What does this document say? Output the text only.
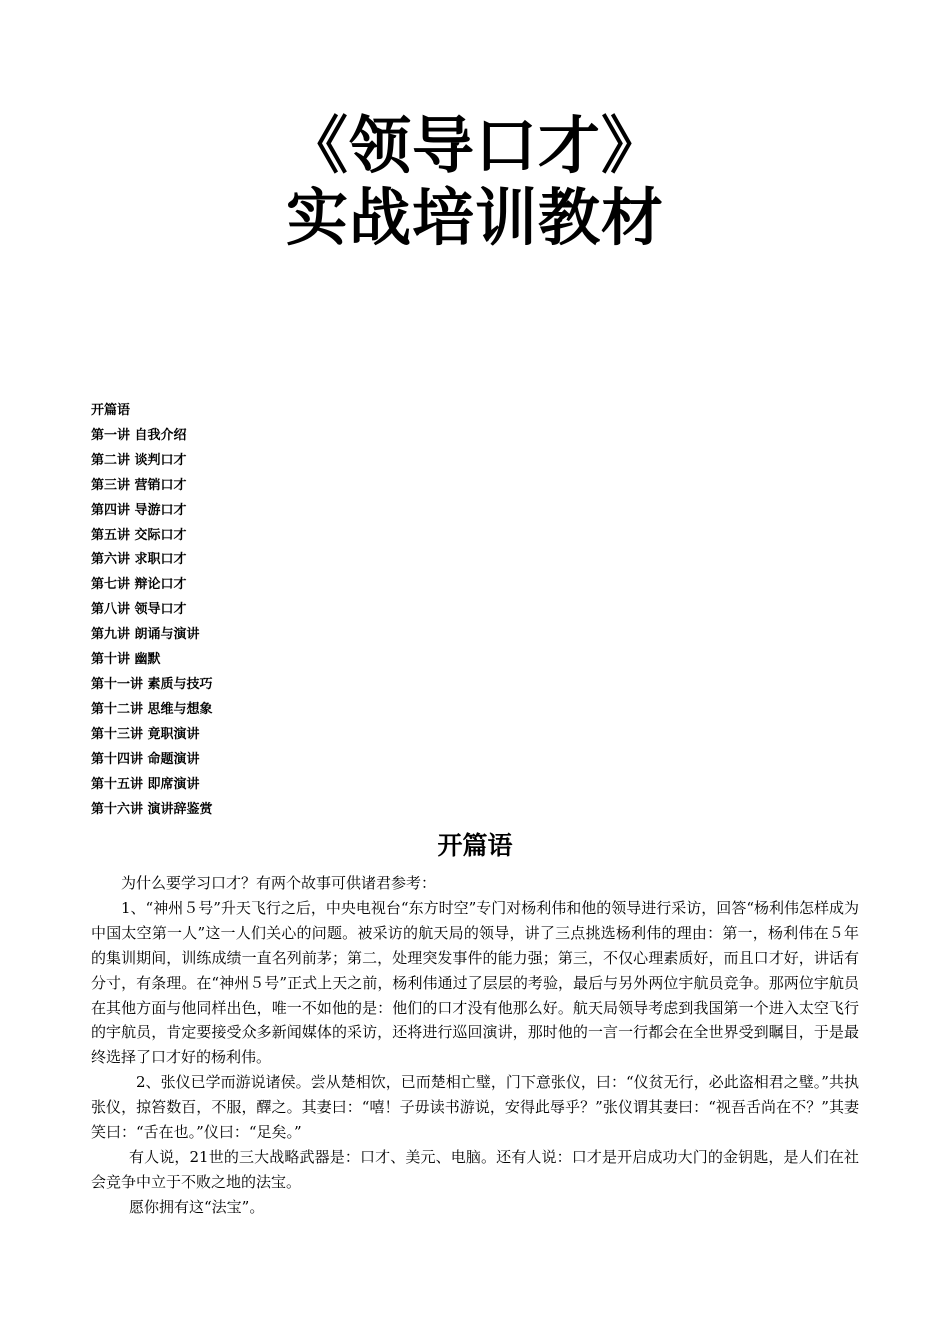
《领导口才》
实战培训教材
开篇语
第一讲 自我介绍
第二讲 谈判口才
第三讲 营销口才
第四讲 导游口才
第五讲 交际口才
第六讲 求职口才
第七讲 辩论口才
第八讲 领导口才
第九讲 朗诵与演讲
第十讲 幽默
第十一讲 素质与技巧
第十二讲 思维与想象
第十三讲 竟职演讲
第十四讲 命题演讲
第十五讲 即席演讲
第十六讲 演讲辞鉴赏
开篇语

为什么要学习口才？有两个故事可供诸君参考：

1、“神州５号”升天飞行之后，中央电视台“东方时空”专门对杨利伟和他的领导进行采访，回答“杨利伟怎样成为中国太空第一人”这一人们关心的问题。被采访的航天局的领导，讲了三点挑选杨利伟的理由：第一，杨利伟在５年的集训期间，训练成绩一直名列前茅；第二，处理突发事件的能力强；第三，不仅心理素质好，而且口才好，讲话有分寸，有条理。在“神州５号”正式上天之前，杨利伟通过了层层的考验，最后与另外两位宇航员竞争。那两位宇航员在其他方面与他同样出色，唯一不如他的是：他们的口才没有他那么好。航天局领导考虑到我国第一个进入太空飞行的宇航员，肯定要接受众多新闻媒体的采访，还将进行巡回演讲，那时他的一言一行都会在全世界受到瞩目，于是最终选择了口才好的杨利伟。

2、张仪已学而游说诸侯。尝从楚相饮，已而楚相亡璧，门下意张仪，曰：“仪贫无行，必此盗相君之璧。”共执张仪，掠笞数百，不服，醳之。其妻曰：“嘻！子毋读书游说，安得此辱乎？”张仪谓其妻曰：“视吾舌尚在不？”其妻笑曰：“舌在也。”仪曰：“足矣。”

有人说，21世的三大战略武器是：口才、美元、电脑。还有人说：口才是开启成功大门的金钥匙，是人们在社会竞争中立于不败之地的法宝。

愿你拥有这“法宝”。
